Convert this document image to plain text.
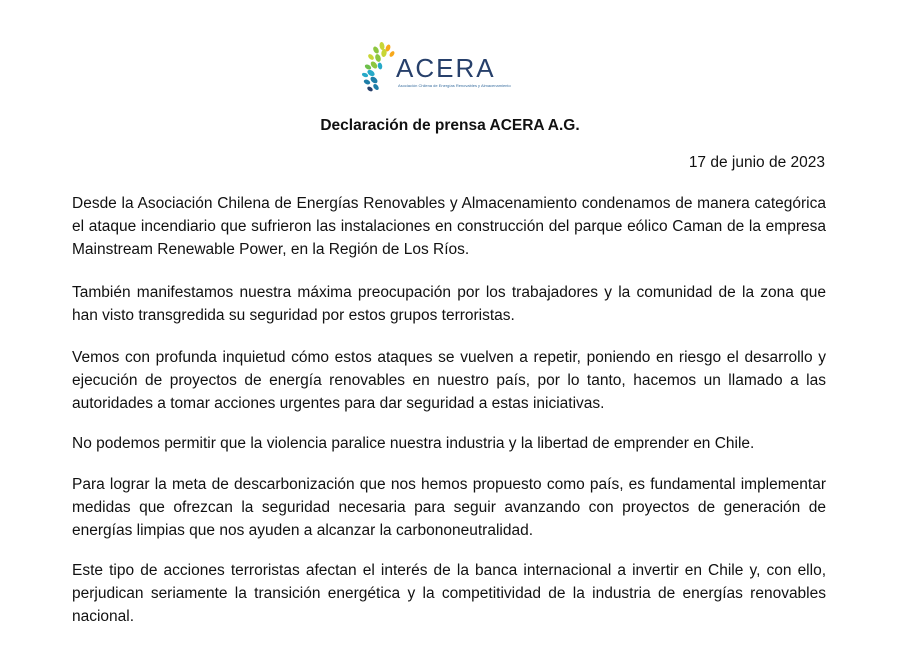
ACERA
Asociación Chilena de Energías Renovables y Almacenamiento
Declaración de prensa ACERA A.G.
17 de junio de 2023

Desde la Asociación Chilena de Energías Renovables y Almacenamiento condenamos de manera categórica el ataque incendiario que sufrieron las instalaciones en construcción del parque eólico Caman de la empresa Mainstream Renewable Power, en la Región de Los Ríos.

También manifestamos nuestra máxima preocupación por los trabajadores y la comunidad de la zona que han visto transgredida su seguridad por estos grupos terroristas.

Vemos con profunda inquietud cómo estos ataques se vuelven a repetir, poniendo en riesgo el desarrollo y ejecución de proyectos de energía renovables en nuestro país, por lo tanto, hacemos un llamado a las autoridades a tomar acciones urgentes para dar seguridad a estas iniciativas.

No podemos permitir que la violencia paralice nuestra industria y la libertad de emprender en Chile.

Para lograr la meta de descarbonización que nos hemos propuesto como país, es fundamental implementar medidas que ofrezcan la seguridad necesaria para seguir avanzando con proyectos de generación de energías limpias que nos ayuden a alcanzar la carbononeutralidad.

Este tipo de acciones terroristas afectan el interés de la banca internacional a invertir en Chile y, con ello, perjudican seriamente la transición energética y la competitividad de la industria de energías renovables nacional.
